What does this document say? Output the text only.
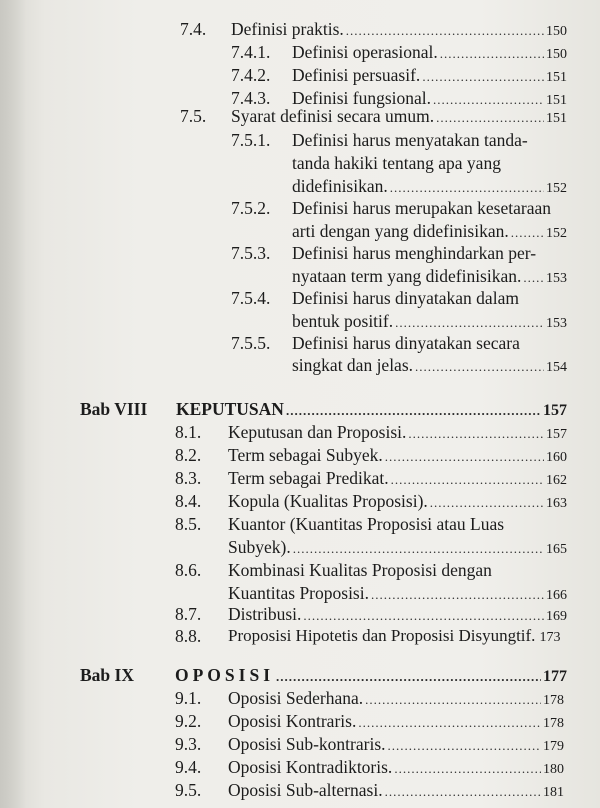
7.4. Definisi praktis. .....	150
7.4.1. Definisi operasional. .....	150
7.4.2. Definisi persuasif. .....	151
7.4.3. Definisi fungsional. .....	151
7.5. Syarat definisi secara umum. .....	151
7.5.1. Definisi harus menyatakan tanda-
tanda hakiki tentang apa yang
didefinisikan. .....	152
7.5.2. Definisi harus merupakan kesetaraan
arti dengan yang didefinisikan. .....	152
7.5.3. Definisi harus menghindarkan per-
nyataan term yang didefinisikan. ..... 153
7.5.4. Definisi harus dinyatakan dalam
bentuk positif. .....	153
7.5.5. Definisi harus dinyatakan secara
singkat dan jelas. .....	154
Bab VIII KEPUTUSAN .....	157
8.1. Keputusan dan Proposisi. .....	157
8.2. Term sebagai Subyek. .....	160
8.3. Term sebagai Predikat. .....	162
8.4. Kopula (Kualitas Proposisi). .....	163
8.5. Kuantor (Kuantitas Proposisi atau Luas
Subyek). .....	165
8.6. Kombinasi Kualitas Proposisi dengan
Kuantitas Proposisi. .....	166
8.7. Distribusi. .....	169
8.8. Proposisi Hipotetis dan Proposisi Disyungtif. 173
Bab IX OPOSISI .....	177
9.1. Oposisi Sederhana. .....	178
9.2. Oposisi Kontraris. .....	178
9.3. Oposisi Sub-kontraris. .....	179
9.4. Oposisi Kontradiktoris. .....	180
9.5. Oposisi Sub-alternasi. .....	181
